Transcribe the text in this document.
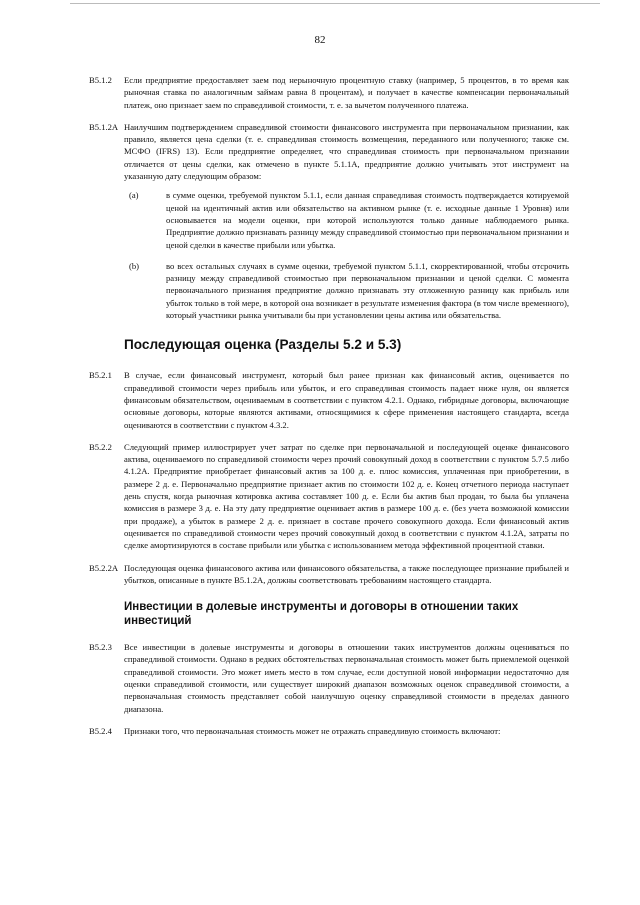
82
B5.1.2	Если предприятие предоставляет заем под нерыночную процентную ставку (например, 5 процентов, в то время как рыночная ставка по аналогичным займам равна 8 процентам), и получает в качестве компенсации первоначальный платеж, оно признает заем по справедливой стоимости, т. е. за вычетом полученного платежа.
B5.1.2A Наилучшим подтверждением справедливой стоимости финансового инструмента при первоначальном признании, как правило, является цена сделки (т. е. справедливая стоимость возмещения, переданного или полученного; также см. МСФО (IFRS) 13). Если предприятие определяет, что справедливая стоимость при первоначальном признании отличается от цены сделки, как отмечено в пункте 5.1.1А, предприятие должно учитывать этот инструмент на указанную дату следующим образом:
(a)	в сумме оценки, требуемой пунктом 5.1.1, если данная справедливая стоимость подтверждается котируемой ценой на идентичный актив или обязательство на активном рынке (т. е. исходные данные 1 Уровня) или основывается на модели оценки, при которой используются только данные наблюдаемого рынка. Предприятие должно признавать разницу между справедливой стоимостью при первоначальном признании и ценой сделки в качестве прибыли или убытка.
(b)	во всех остальных случаях в сумме оценки, требуемой пунктом 5.1.1, скорректированной, чтобы отсрочить разницу между справедливой стоимостью при первоначальном признании и ценой сделки. С момента первоначального признания предприятие должно признавать эту отложенную разницу как прибыль или убыток только в той мере, в которой она возникает в результате изменения фактора (в том числе временного), который участники рынка учитывали бы при установлении цены актива или обязательства.
Последующая оценка (Разделы 5.2 и 5.3)
B5.2.1	В случае, если финансовый инструмент, который был ранее признан как финансовый актив, оценивается по справедливой стоимости через прибыль или убыток, и его справедливая стоимость падает ниже нуля, он является финансовым обязательством, оцениваемым в соответствии с пунктом 4.2.1. Однако, гибридные договоры, включающие основные договоры, которые являются активами, относящимися к сфере применения настоящего стандарта, всегда оцениваются в соответствии с пунктом 4.3.2.
B5.2.2	Следующий пример иллюстрирует учет затрат по сделке при первоначальной и последующей оценке финансового актива, оцениваемого по справедливой стоимости через прочий совокупный доход в соответствии с пунктом 5.7.5 либо 4.1.2А. Предприятие приобретает финансовый актив за 100 д. е. плюс комиссия, уплаченная при приобретении, в размере 2 д. е. Первоначально предприятие признает актив по стоимости 102 д. е. Конец отчетного периода наступает день спустя, когда рыночная котировка актива составляет 100 д. е. Если бы актив был продан, то была бы уплачена комиссия в размере 3 д. е. На эту дату предприятие оценивает актив в размере 100 д. е. (без учета возможной комиссии при продаже), а убыток в размере 2 д. е. признает в составе прочего совокупного дохода. Если финансовый актив оценивается по справедливой стоимости через прочий совокупный доход в соответствии с пунктом 4.1.2А, затраты по сделке амортизируются в составе прибыли или убытка с использованием метода эффективной процентной ставки.
B5.2.2A Последующая оценка финансового актива или финансового обязательства, а также последующее признание прибылей и убытков, описанные в пункте B5.1.2А, должны соответствовать требованиям настоящего стандарта.
Инвестиции в долевые инструменты и договоры в отношении таких инвестиций
B5.2.3	Все инвестиции в долевые инструменты и договоры в отношении таких инструментов должны оцениваться по справедливой стоимости. Однако в редких обстоятельствах первоначальная стоимость может быть приемлемой оценкой справедливой стоимости. Это может иметь место в том случае, если доступной новой информации недостаточно для оценки справедливой стоимости, или существует широкий диапазон возможных оценок справедливой стоимости, а первоначальная стоимость представляет собой наилучшую оценку справедливой стоимости в пределах данного диапазона.
B5.2.4	Признаки того, что первоначальная стоимость может не отражать справедливую стоимость включают:
